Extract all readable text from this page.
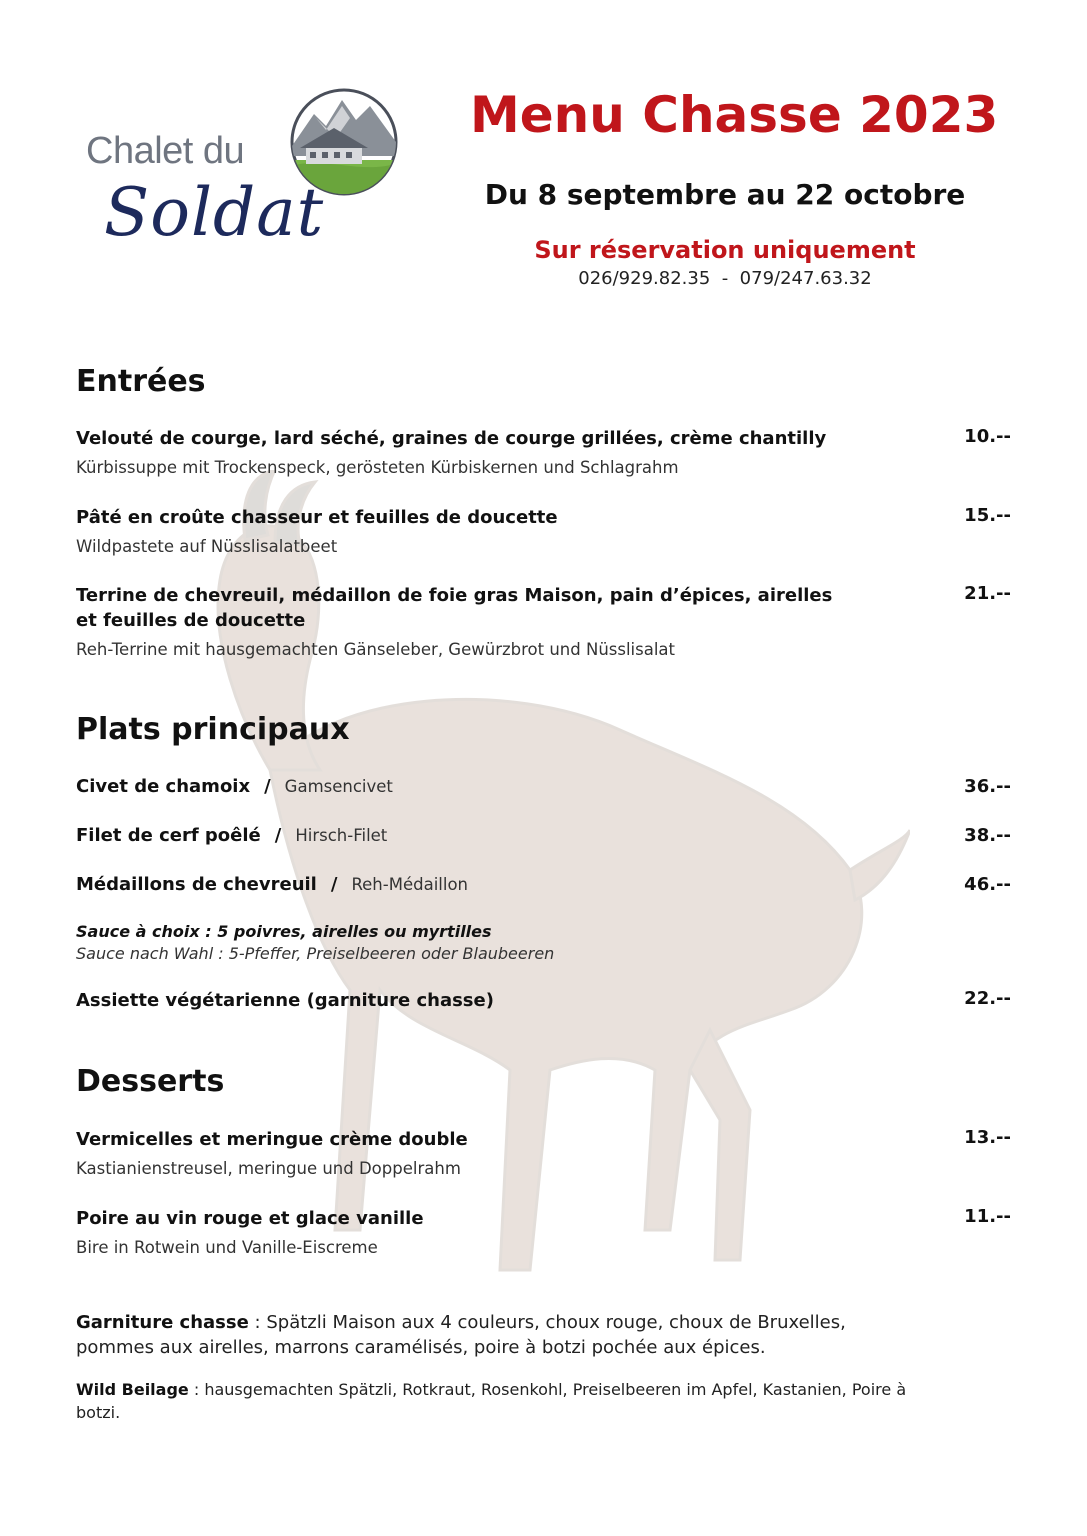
Chalet du
Soldat
Menu Chasse 2023
Du 8 septembre au 22 octobre
Sur réservation uniquement
026/929.82.35  -  079/247.63.32
Entrées
Velouté de courge, lard séché, graines de courge grillées, crème chantilly	10.--
Kürbissuppe mit Trockenspeck, gerösteten Kürbiskernen und Schlagrahm
Pâté en croûte chasseur et feuilles de doucette	15.--
Wildpastete auf Nüsslisalatbeet
Terrine de chevreuil, médaillon de foie gras Maison, pain d’épices, airelles et feuilles de doucette
21.--
Reh-Terrine mit hausgemachten Gänseleber, Gewürzbrot und Nüsslisalat
Plats principaux
Civet de chamoix / Gamsencivet	36.--
Filet de cerf poêlé / Hirsch-Filet	38.--
Médaillons de chevreuil / Reh-Médaillon	46.--
Sauce à choix : 5 poivres, airelles ou myrtilles
Sauce nach Wahl : 5-Pfeffer, Preiselbeeren oder Blaubeeren
Assiette végétarienne (garniture chasse)	22.--
Desserts
Vermicelles et meringue crème double	13.--
Kastianienstreusel, meringue und Doppelrahm
Poire au vin rouge et glace vanille	11.--
Bire in Rotwein und Vanille-Eiscreme
Garniture chasse : Spätzli Maison aux 4 couleurs, choux rouge, choux de Bruxelles, pommes aux airelles, marrons caramélisés, poire à botzi pochée aux épices.
Wild Beilage : hausgemachten Spätzli, Rotkraut, Rosenkohl, Preiselbeeren im Apfel, Kastanien, Poire à botzi.
